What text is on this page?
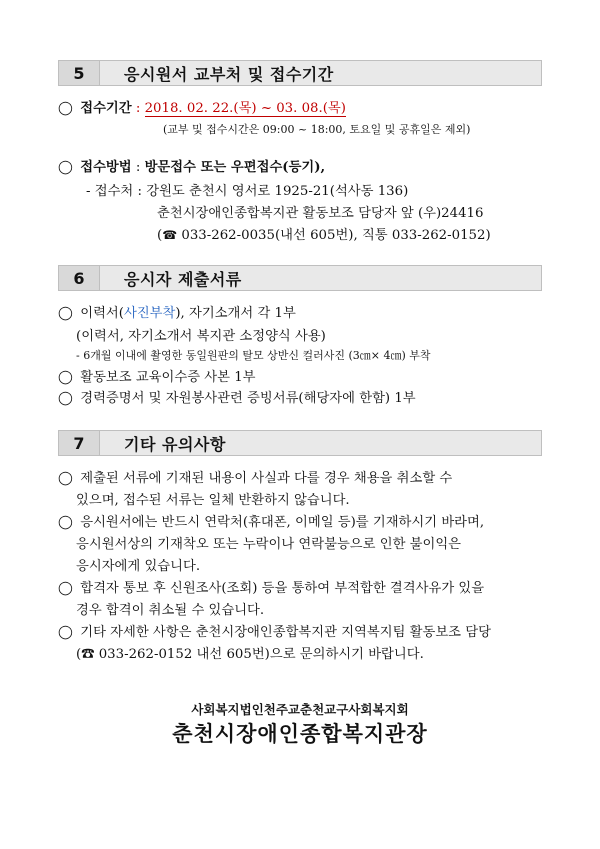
5	응시원서 교부처 및 접수기간
◯ 접수기간 : 2018. 02. 22.(목) ~ 03. 08.(목)
(교부 및 접수시간은 09:00 ~ 18:00, 토요일 및 공휴일은 제외)
◯ 접수방법 : 방문접수 또는 우편접수(등기),
- 접수처 : 강원도 춘천시 영서로 1925-21(석사동 136)
춘천시장애인종합복지관 활동보조 담당자 앞 (우)24416
(☎ 033-262-0035(내선 605번), 직통 033-262-0152)
6	응시자 제출서류
◯ 이력서(사진부착), 자기소개서 각 1부
(이력서, 자기소개서 복지관 소정양식 사용)
- 6개월 이내에 촬영한 동일원판의 탈모 상반신 컬러사진 (3㎝× 4㎝) 부착
◯ 활동보조 교육이수증 사본 1부
◯ 경력증명서 및 자원봉사관련 증빙서류(해당자에 한함) 1부
7	기타 유의사항
◯ 제출된 서류에 기재된 내용이 사실과 다를 경우 채용을 취소할 수
있으며, 접수된 서류는 일체 반환하지 않습니다.
◯ 응시원서에는 반드시 연락처(휴대폰, 이메일 등)를 기재하시기 바라며,
응시원서상의 기재착오 또는 누락이나 연락불능으로 인한 불이익은
응시자에게 있습니다.
◯ 합격자 통보 후 신원조사(조회) 등을 통하여 부적합한 결격사유가 있을
경우 합격이 취소될 수 있습니다.
◯ 기타 자세한 사항은 춘천시장애인종합복지관 지역복지팀 활동보조 담당
(☎ 033-262-0152 내선 605번)으로 문의하시기 바랍니다.
사회복지법인천주교춘천교구사회복지회
춘천시장애인종합복지관장
